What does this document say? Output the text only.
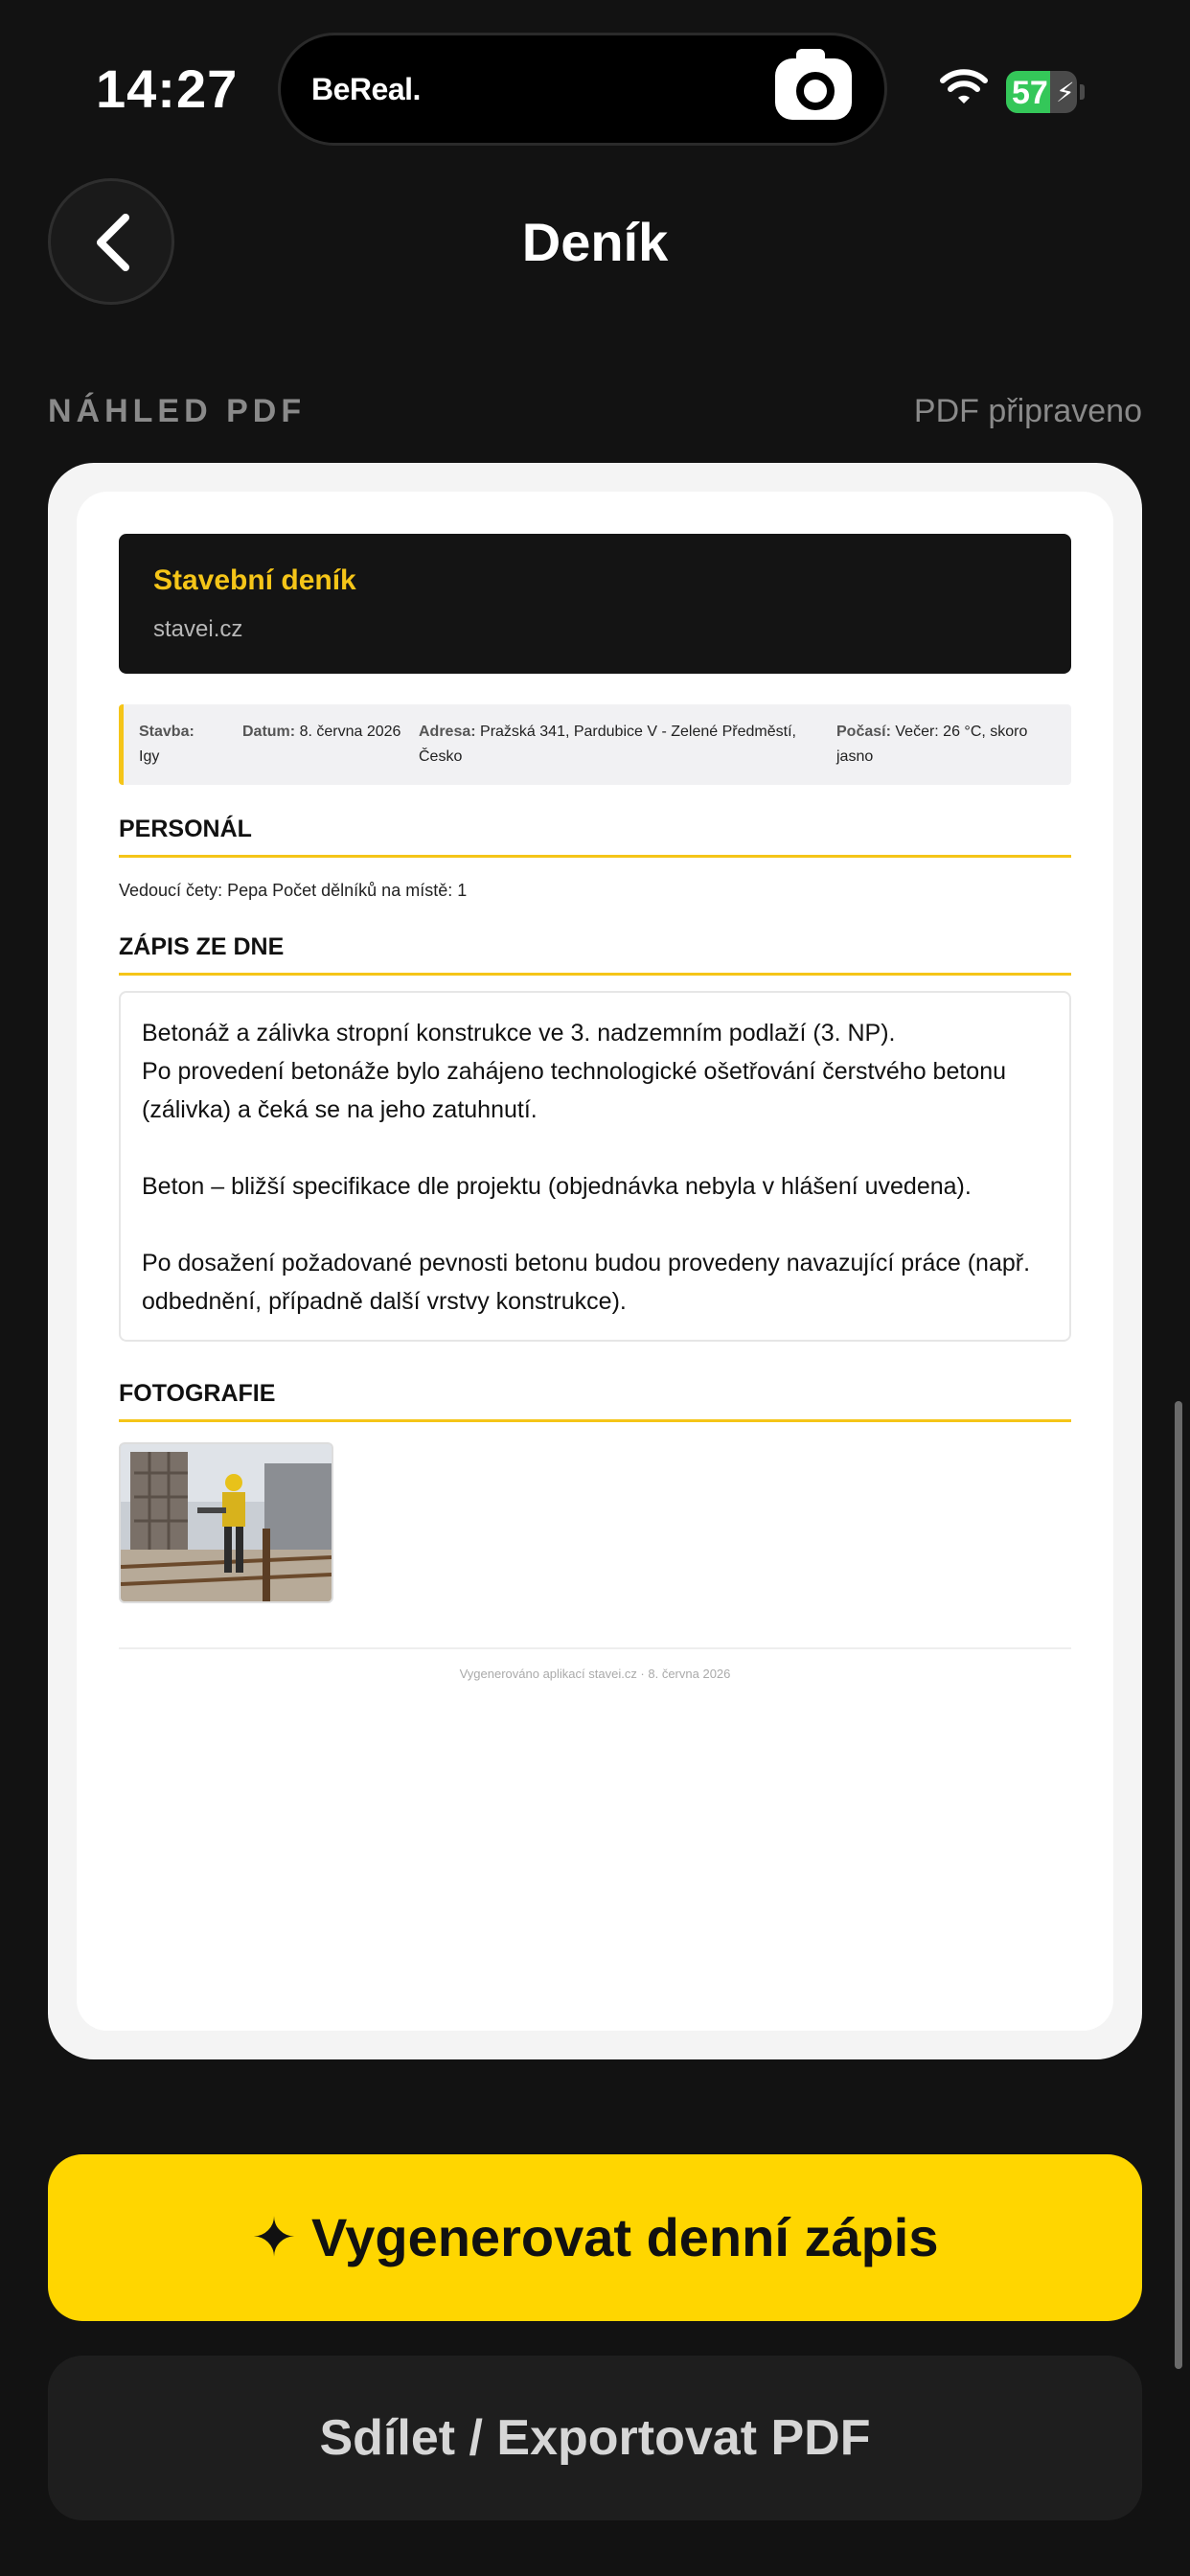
14:27 BeReal.	57 ⚡
Deník
NÁHLED PDF	PDF připraveno
Stavební deník
stavei.cz
Stavba:
Igy
Datum: 8. června 2026 Adresa: Pražská 341, Pardubice V - Zelené Předměstí, Česko
Počasí: Večer: 26 °C, skoro jasno
PERSONÁL
Vedoucí čety: Pepa Počet dělníků na místě: 1
ZÁPIS ZE DNE

Betonáž a zálivka stropní konstrukce ve 3. nadzemním podlaží (3. NP).

Po provedení betonáže bylo zahájeno technologické ošetřování čerstvého betonu (zálivka) a čeká se na jeho zatuhnutí.

Beton – bližší specifikace dle projektu (objednávka nebyla v hlášení uvedena).

Po dosažení požadované pevnosti betonu budou provedeny navazující práce (např. odbednění, případně další vrstvy konstrukce).

FOTOGRAFIE
Vygenerováno aplikací stavei.cz · 8. června 2026
✦ Vygenerovat denní zápis
Sdílet / Exportovat PDF
